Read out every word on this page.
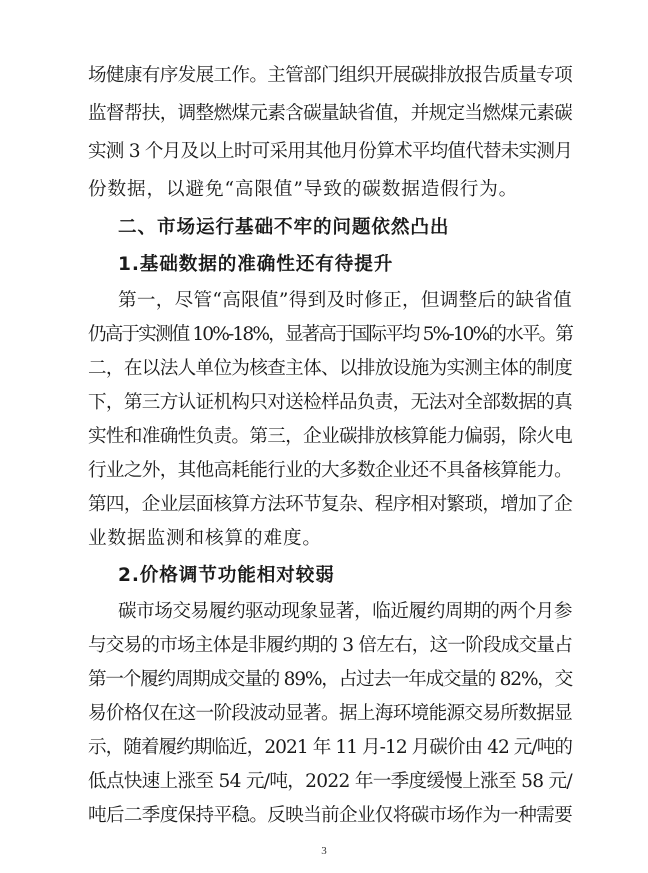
场健康有序发展工作。主管部门组织开展碳排放报告质量专项
监督帮扶，调整燃煤元素含碳量缺省值，并规定当燃煤元素碳
实测 3 个月及以上时可采用其他月份算术平均值代替未实测月
份数据，以避免“高限值”导致的碳数据造假行为。
二、市场运行基础不牢的问题依然凸出
1.基础数据的准确性还有待提升
第一，尽管“高限值”得到及时修正，但调整后的缺省值
仍高于实测值 10%-18%，显著高于国际平均 5%-10%的水平。第
二，在以法人单位为核查主体、以排放设施为实测主体的制度
下，第三方认证机构只对送检样品负责，无法对全部数据的真
实性和准确性负责。第三，企业碳排放核算能力偏弱，除火电
行业之外，其他高耗能行业的大多数企业还不具备核算能力。
第四，企业层面核算方法环节复杂、程序相对繁琐，增加了企
业数据监测和核算的难度。
2.价格调节功能相对较弱
碳市场交易履约驱动现象显著，临近履约周期的两个月参
与交易的市场主体是非履约期的 3 倍左右，这一阶段成交量占
第一个履约周期成交量的 89%，占过去一年成交量的 82%，交
易价格仅在这一阶段波动显著。据上海环境能源交易所数据显
示，随着履约期临近，2021 年 11 月-12 月碳价由 42 元/吨的
低点快速上涨至 54 元/吨，2022 年一季度缓慢上涨至 58 元/
吨后二季度保持平稳。反映当前企业仅将碳市场作为一种需要
3
